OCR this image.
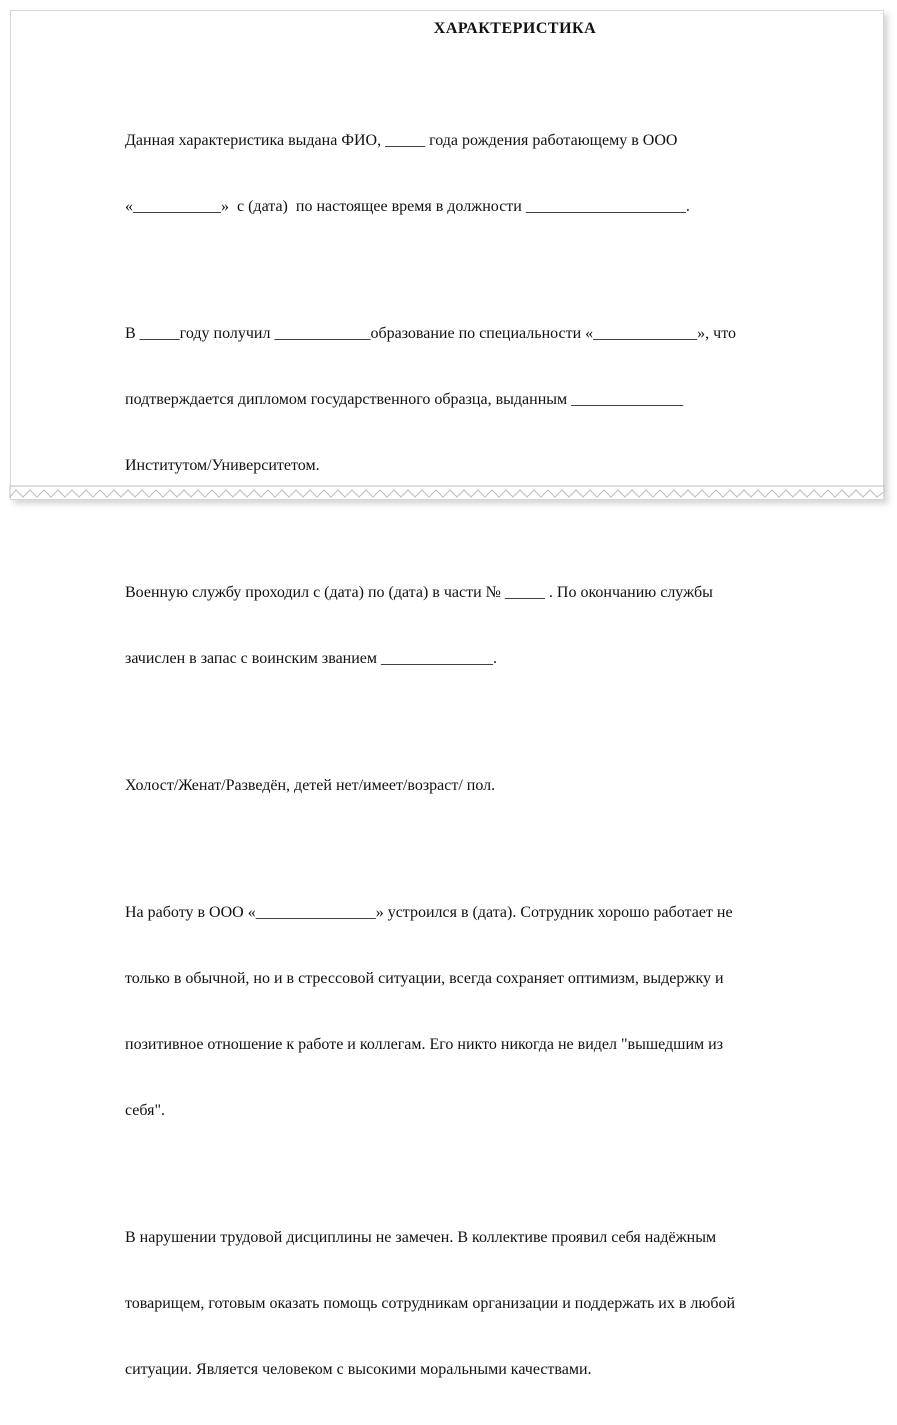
ХАРАКТЕРИСТИКА

Данная характеристика выдана ФИО, _____ года рождения работающему в ООО

«___________»  с (дата)  по настоящее время в должности ____________________.

В _____году получил ____________образование по специальности «_____________», что

подтверждается дипломом государственного образца, выданным ______________

Институтом/Университетом.

Военную службу проходил с (дата) по (дата) в части № _____ . По окончанию службы

зачислен в запас с воинским званием ______________.

Холост/Женат/Разведён, детей нет/имеет/возраст/ пол.

На работу в ООО «_______________» устроился в (дата). Сотрудник хорошо работает не

только в обычной, но и в стрессовой ситуации, всегда сохраняет оптимизм, выдержку и

позитивное отношение к работе и коллегам. Его никто никогда не видел "вышедшим из

себя".

В нарушении трудовой дисциплины не замечен. В коллективе проявил себя надёжным

товарищем, готовым оказать помощь сотрудникам организации и поддержать их в любой

ситуации. Является человеком с высокими моральными качествами.
